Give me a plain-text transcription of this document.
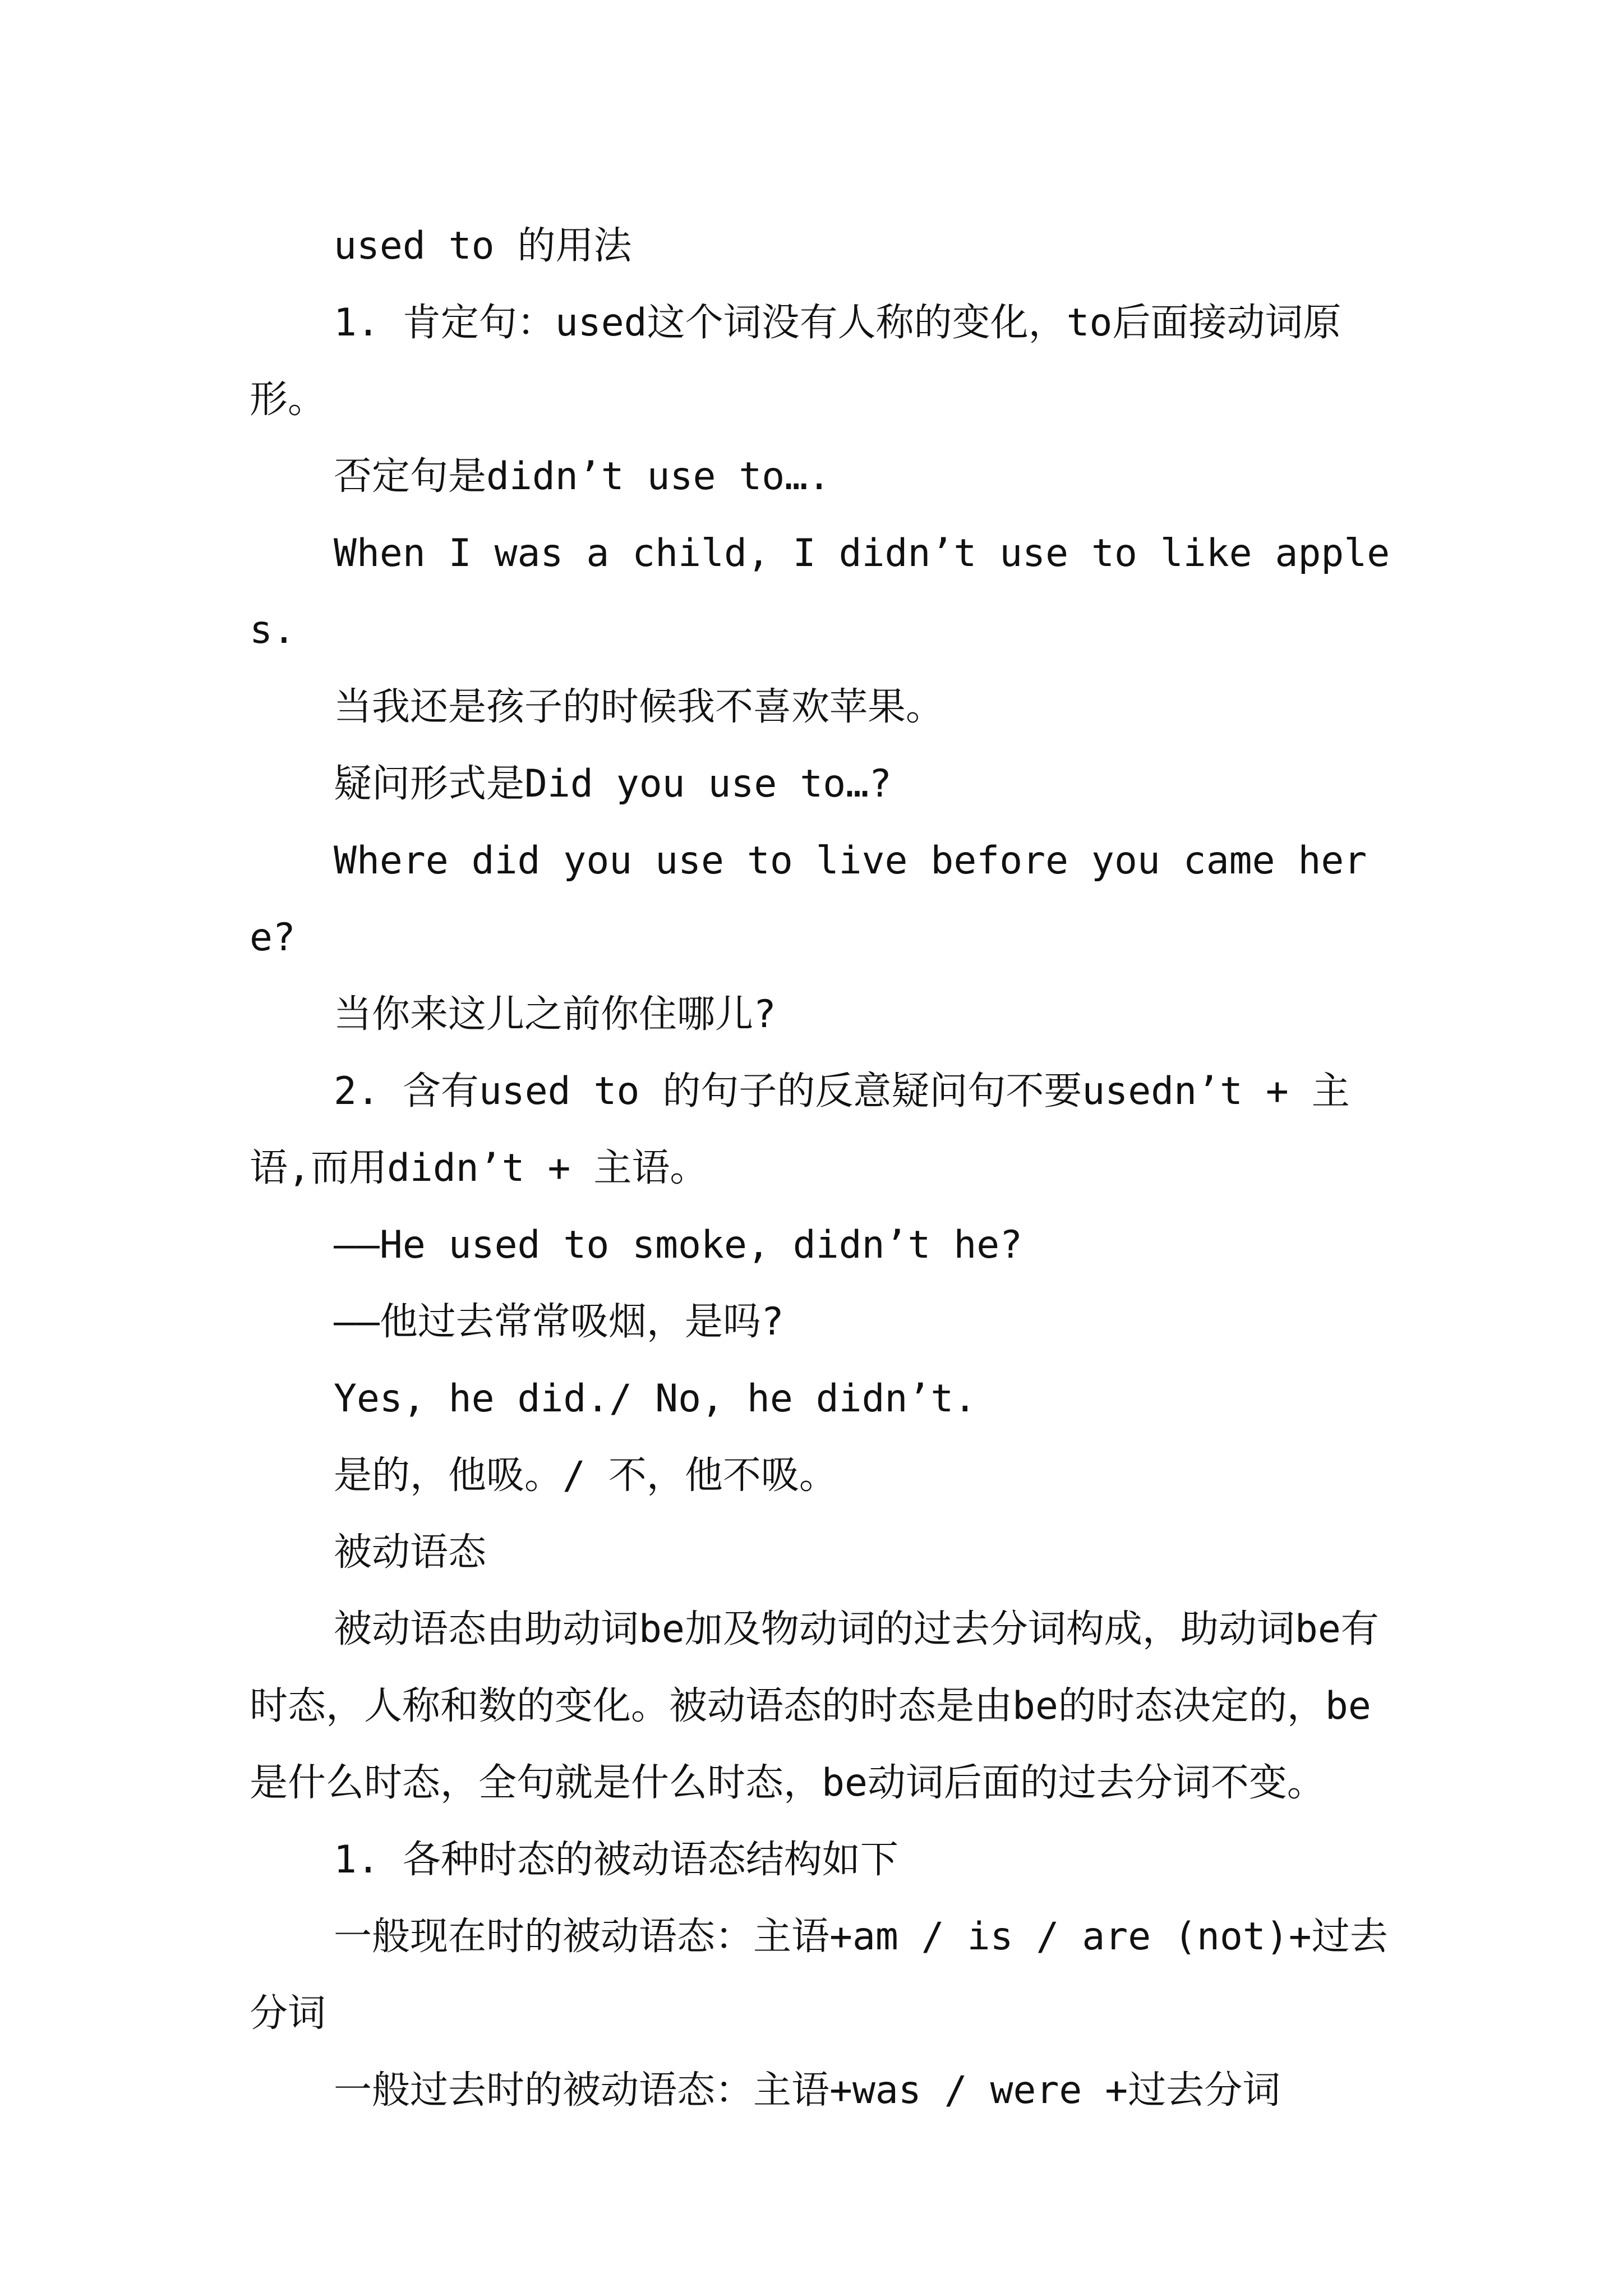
used to 的用法

1. 肯定句：used这个词没有人称的变化，to后面接动词原形。

否定句是didn’t use to….

When I was a child, I didn’t use to like apples.

当我还是孩子的时候我不喜欢苹果。

疑问形式是Did you use to…?

Where did you use to live before you came here?

当你来这儿之前你住哪儿?

2. 含有used to 的句子的反意疑问句不要usedn’t + 主语,而用didn’t + 主语。

——He used to smoke, didn’t he?

——他过去常常吸烟，是吗?

Yes, he did./ No, he didn’t.

是的，他吸。/ 不，他不吸。

被动语态

被动语态由助动词be加及物动词的过去分词构成，助动词be有时态，人称和数的变化。被动语态的时态是由be的时态决定的，be是什么时态，全句就是什么时态，be动词后面的过去分词不变。

1. 各种时态的被动语态结构如下

一般现在时的被动语态：主语+am / is / are (not)+过去分词

一般过去时的被动语态：主语+was / were +过去分词
